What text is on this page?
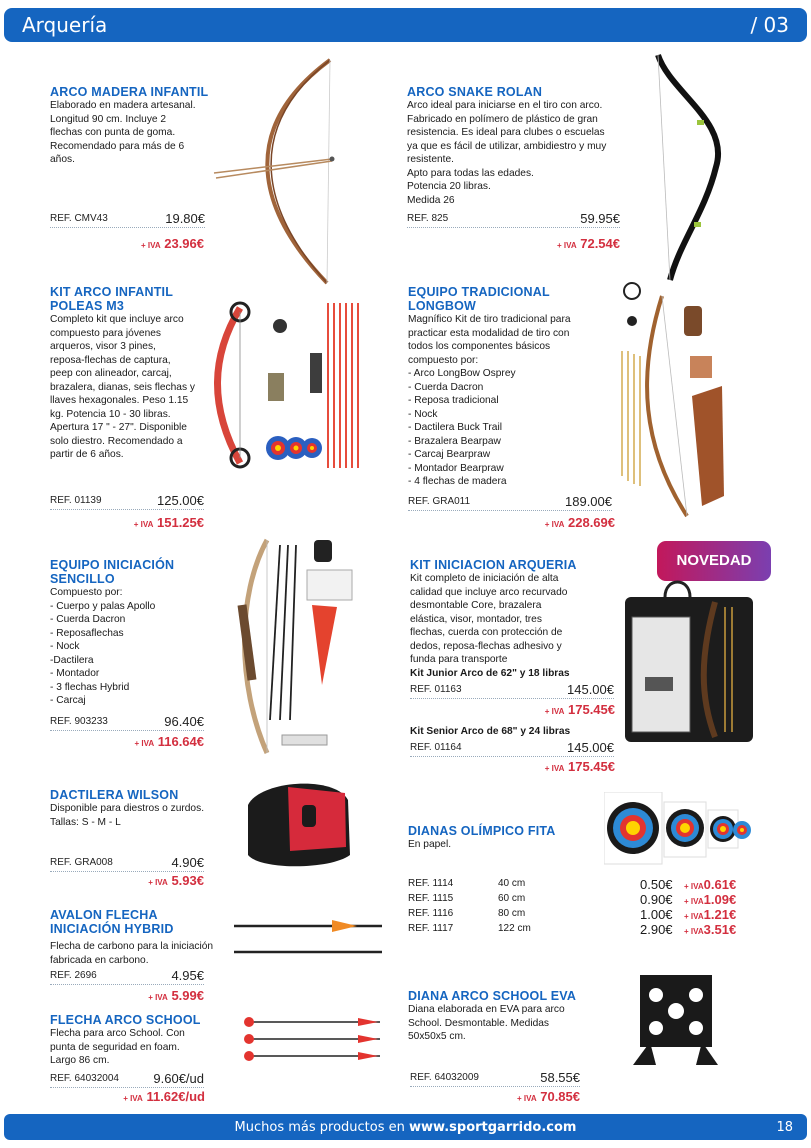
Arquería	/ 03
ARCO MADERA INFANTIL
Elaborado en madera artesanal.
Longitud 90 cm. Incluye 2
flechas con punta de goma.
Recomendado para más de 6
años.
REF. CMV43	19.80€
+ IVA 23.96€
ARCO SNAKE ROLAN
Arco ideal para iniciarse en el tiro con arco.
Fabricado en polímero de plástico de gran
resistencia. Es ideal para clubes o escuelas
ya que es fácil de utilizar, ambidiestro y muy
resistente.
Apto para todas las edades.
Potencia 20 libras.
Medida 26
REF. 825	59.95€
+ IVA 72.54€
KIT ARCO INFANTIL
POLEAS M3
Completo kit que incluye arco
compuesto para jóvenes
arqueros, visor 3 pines,
reposa-flechas de captura,
peep con alineador, carcaj,
brazalera, dianas, seis flechas y
llaves hexagonales. Peso 1.15
kg. Potencia 10 - 30 libras.
Apertura 17 " - 27". Disponible
solo diestro. Recomendado a
partir de 6 años.
REF. 01139	125.00€
+ IVA 151.25€
EQUIPO TRADICIONAL
LONGBOW
Magnífico Kit de tiro tradicional para
practicar esta modalidad de tiro con
todos los componentes básicos
compuesto por:
- Arco LongBow Osprey
- Cuerda Dacron
- Reposa tradicional
- Nock
- Dactilera Buck Trail
- Brazalera Bearpaw
- Carcaj Bearpraw
- Montador Bearpraw
- 4 flechas de madera
REF. GRA011	189.00€
+ IVA 228.69€
EQUIPO INICIACIÓN
SENCILLO
Compuesto por:
- Cuerpo y palas Apollo
- Cuerda Dacron
- Reposaflechas
- Nock
-Dactilera
- Montador
- 3 flechas Hybrid
- Carcaj
REF. 903233	96.40€
+ IVA 116.64€
KIT INICIACION ARQUERIA
Kit completo de iniciación de alta
calidad que incluye arco recurvado
desmontable Core, brazalera
elástica, visor, montador, tres
flechas, cuerda con protección de
dedos, reposa-flechas adhesivo y
funda para transporte
Kit Junior Arco de 62" y 18 libras
REF. 01163	145.00€
+ IVA 175.45€
Kit Senior Arco de 68" y 24 libras
REF. 01164	145.00€
+ IVA 175.45€
NOVEDAD
DACTILERA WILSON
Disponible para diestros o zurdos.
Tallas: S - M - L
REF. GRA008	4.90€
+ IVA 5.93€
DIANAS OLÍMPICO FITA
En papel.
REF. 1114	40 cm	0.50€ + IVA 0.61€
REF. 1115	60 cm	0.90€ + IVA 1.09€
REF. 1116	80 cm	1.00€ + IVA 1.21€
REF. 1117	122 cm	2.90€ + IVA 3.51€
AVALON FLECHA
INICIACIÓN HYBRID
Flecha de carbono para la iniciación
fabricada en carbono.
REF. 2696	4.95€
+ IVA 5.99€	DIANA ARCO SCHOOL EVA
Diana elaborada en EVA para arco
School. Desmontable. Medidas
50x50x5 cm.
REF. 64032009	58.55€
+ IVA 70.85€
FLECHA ARCO SCHOOL
Flecha para arco School. Con
punta de seguridad en foam.
Largo 86 cm.
REF. 64032004	9.60€/ud
+ IVA 11.62€/ud
Muchos más productos en www.sportgarrido.com	18
